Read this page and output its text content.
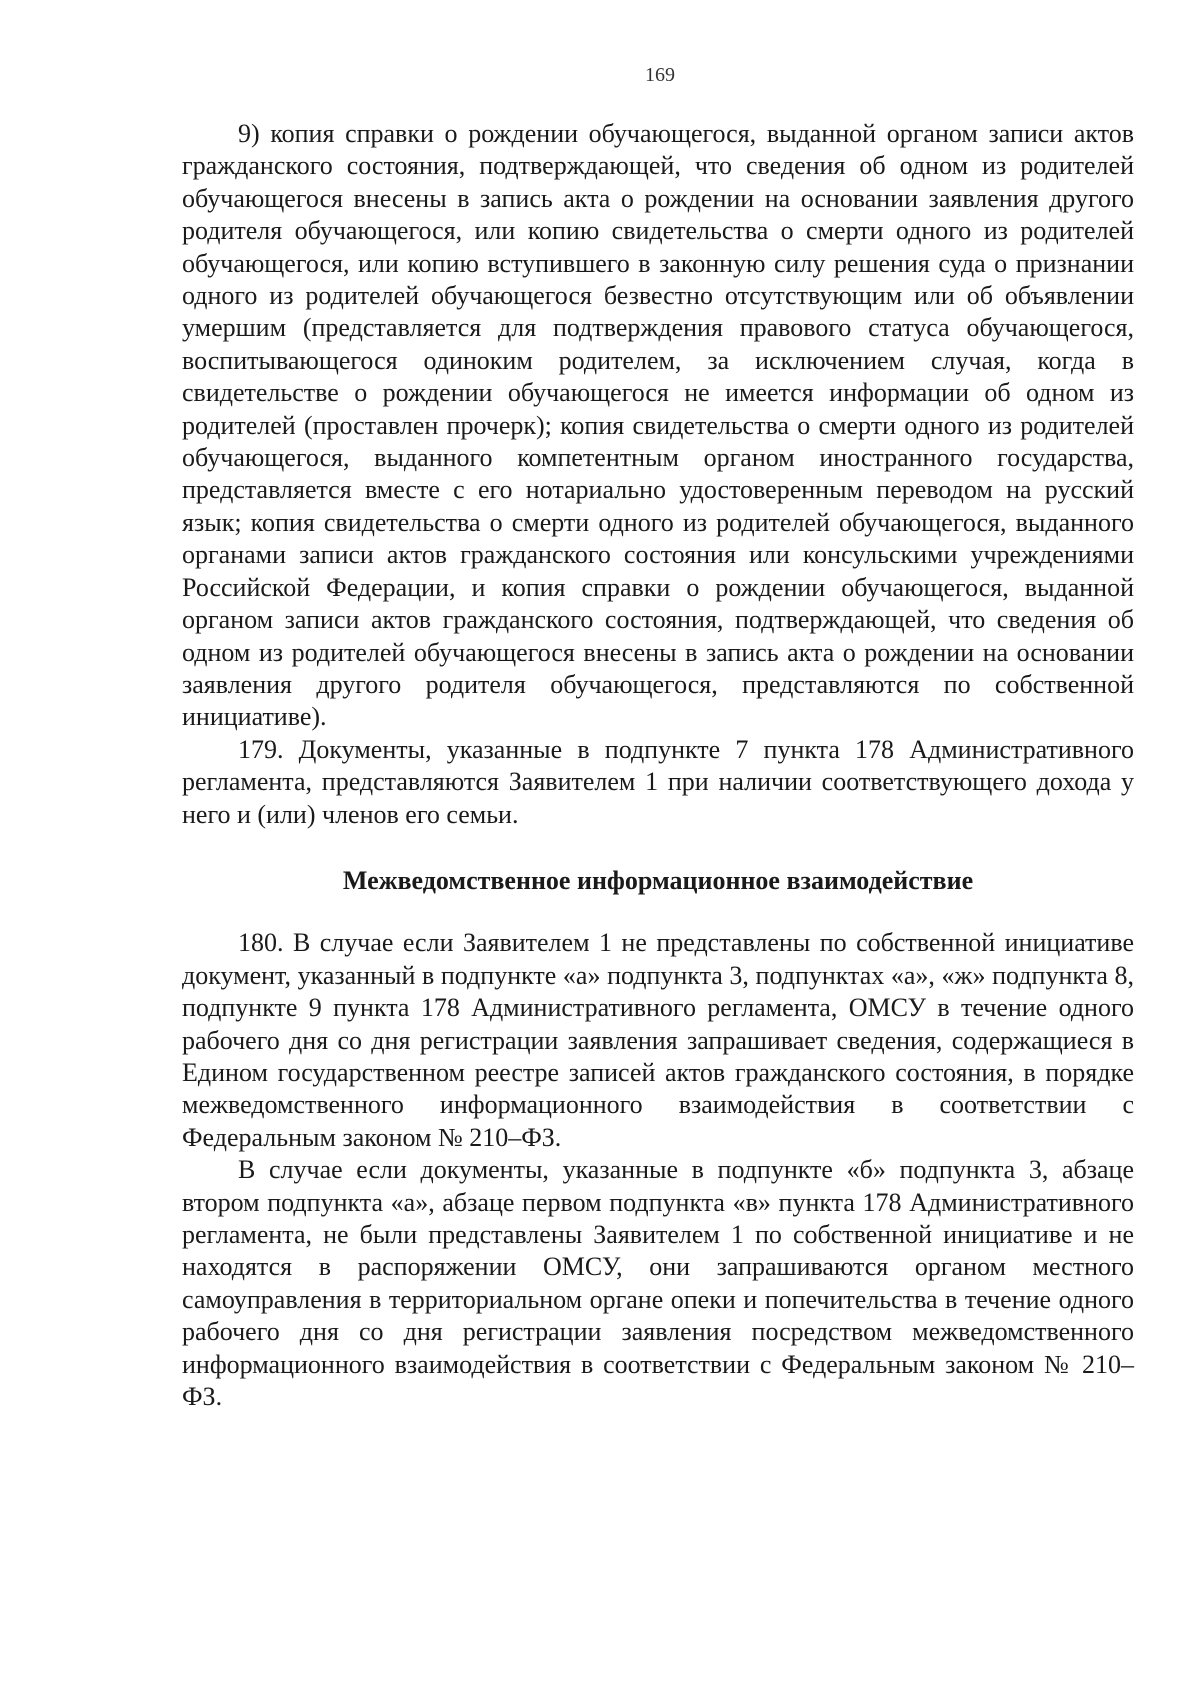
169

9) копия справки о рождении обучающегося, выданной органом записи актов гражданского состояния, подтверждающей, что сведения об одном из родителей обучающегося внесены в запись акта о рождении на основании заявления другого родителя обучающегося, или копию свидетельства о смерти одного из родителей обучающегося, или копию вступившего в законную силу решения суда о признании одного из родителей обучающегося безвестно отсутствующим или об объявлении умершим (представляется для подтверждения правового статуса обучающегося, воспитывающегося одиноким родителем, за исключением случая, когда в свидетельстве о рождении обучающегося не имеется информации об одном из родителей (проставлен прочерк); копия свидетельства о смерти одного из родителей обучающегося, выданного компетентным органом иностранного государства, представляется вместе с его нотариально удостоверенным переводом на русский язык; копия свидетельства о смерти одного из родителей обучающегося, выданного органами записи актов гражданского состояния или консульскими учреждениями Российской Федерации, и копия справки о рождении обучающегося, выданной органом записи актов гражданского состояния, подтверждающей, что сведения об одном из родителей обучающегося внесены в запись акта о рождении на основании заявления другого родителя обучающегося, представляются по собственной инициативе).

179. Документы, указанные в подпункте 7 пункта 178 Административного регламента, представляются Заявителем 1 при наличии соответствующего дохода у него и (или) членов его семьи.

Межведомственное информационное взаимодействие

180. В случае если Заявителем 1 не представлены по собственной инициативе документ, указанный в подпункте «а» подпункта 3, подпунктах «а», «ж» подпункта 8, подпункте 9 пункта 178 Административного регламента, ОМСУ в течение одного рабочего дня со дня регистрации заявления запрашивает сведения, содержащиеся в Едином государственном реестре записей актов гражданского состояния, в порядке межведомственного информационного взаимодействия в соответствии с Федеральным законом № 210–ФЗ.

В случае если документы, указанные в подпункте «б» подпункта 3, абзаце втором подпункта «а», абзаце первом подпункта «в» пункта 178 Административного регламента, не были представлены Заявителем 1 по собственной инициативе и не находятся в распоряжении ОМСУ, они запрашиваются органом местного самоуправления в территориальном органе опеки и попечительства в течение одного рабочего дня со дня регистрации заявления посредством межведомственного информационного взаимодействия в соответствии с Федеральным законом № 210–ФЗ.
